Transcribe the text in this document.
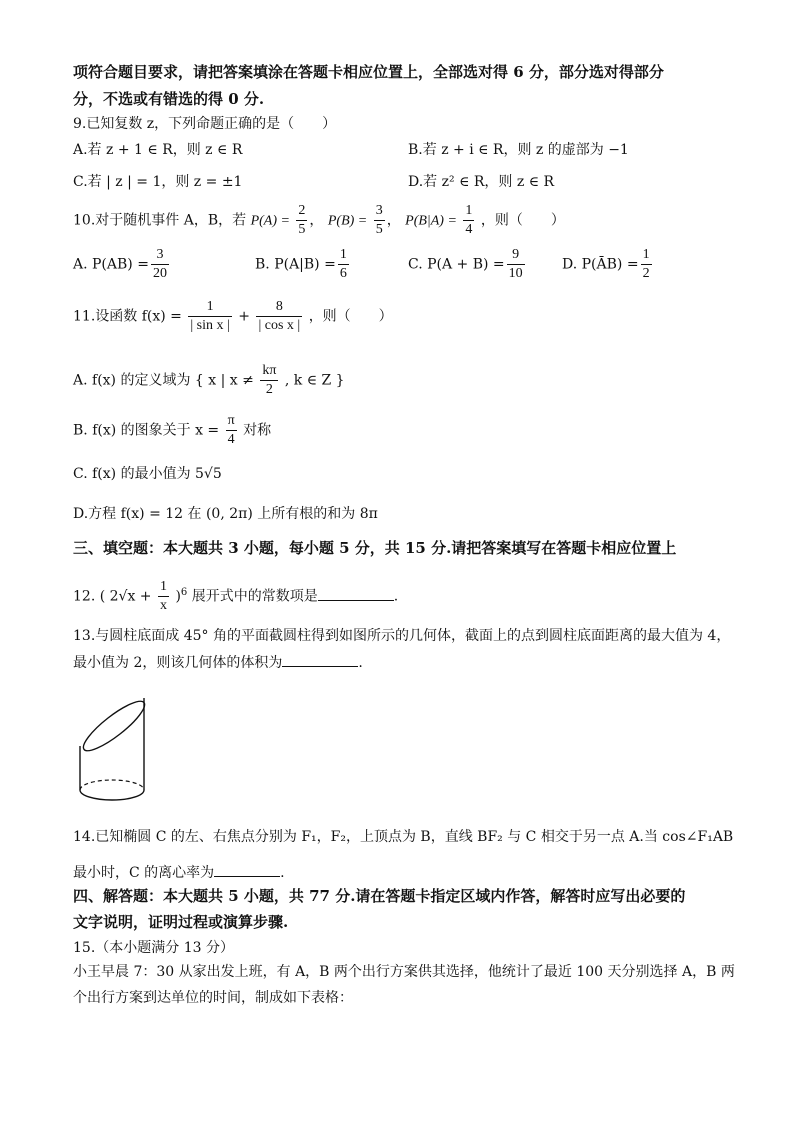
项符合题目要求，请把答案填涂在答题卡相应位置上，全部选对得 6 分，部分选对得部分
分，不选或有错选的得 0 分.
9.已知复数 z，下列命题正确的是（　　）
A.若 z + 1 ∈ R，则 z ∈ R	B.若 z + i ∈ R，则 z 的虚部为 −1
C.若 | z | = 1，则 z = ±1	D.若 z² ∈ R，则 z ∈ R
10.对于随机事件 A，B，若 $P(A) = \frac{2}{5}$ ， $P(B) = \frac{3}{5}$ ， $P(B|A) = \frac{1}{4}$ ，则（　　）
A. $P(AB) = \frac{3}{20}$	B. $P(A|B) = \frac{1}{6}$	C. $P(A + B) = \frac{9}{10}$	D. P(ĀB) = $\frac{1}{2}$
11.设函数 $f(x) = \frac{1}{\text{| sin x |}} + \frac{8}{\text{| cos x |}}$ ，则（　　）
A. f(x) 的定义域为 { x | $x \ne \frac{k\pi}{2}$ , k ∈ Z }
B. f(x) 的图象关于 $x = \frac{\pi}{4}$ 对称
C. f(x) 的最小值为 5√5
D.方程 f(x) = 12 在 (0, 2π) 上所有根的和为 8π
三、填空题：本大题共 3 小题，每小题 5 分，共 15 分.请把答案填写在答题卡相应位置上
12. ( $2√x + \frac{1}{x} )^6$ 展开式中的常数项是	.
13.与圆柱底面成 45° 角的平面截圆柱得到如图所示的几何体，截面上的点到圆柱底面距离的最大值为 4，
最小值为 2，则该几何体的体积为	.
14.已知椭圆 C 的左、右焦点分别为 F₁，F₂，上顶点为 B，直线 BF₂ 与 C 相交于另一点 A.当 cos∠F₁AB
最小时，C 的离心率为	.
四、解答题：本大题共 5 小题，共 77 分.请在答题卡指定区域内作答，解答时应写出必要的
文字说明，证明过程或演算步骤.
15.（本小题满分 13 分）
小王早晨 7：30 从家出发上班，有 A，B 两个出行方案供其选择，他统计了最近 100 天分别选择 A，B 两
个出行方案到达单位的时间，制成如下表格：
